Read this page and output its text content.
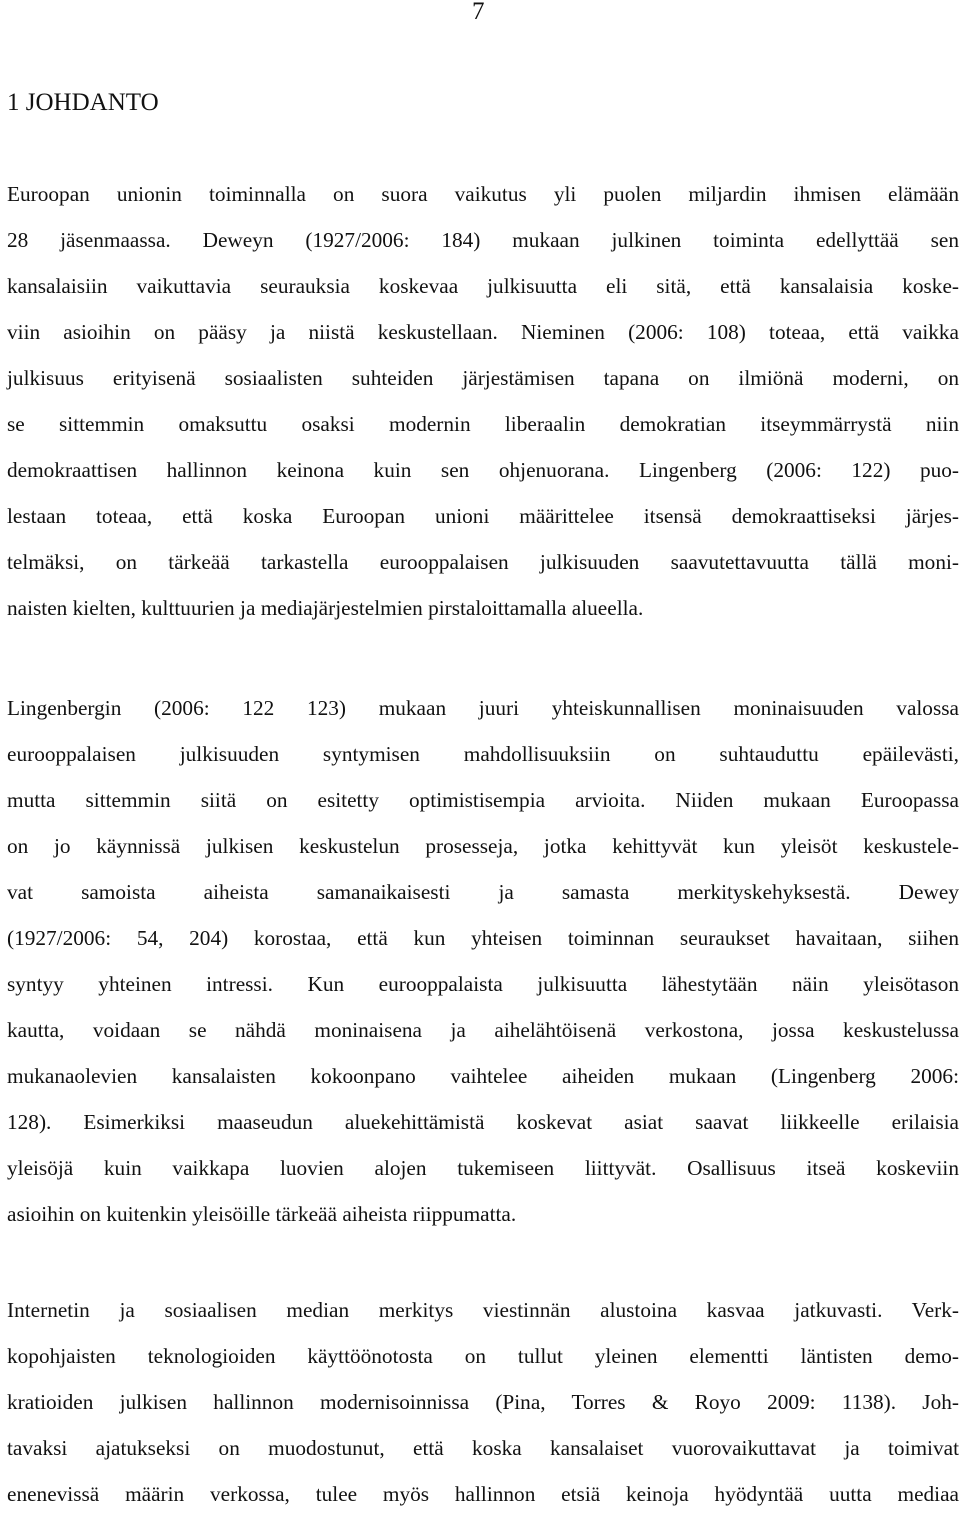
7
1 JOHDANTO
Euroopan unionin toiminnalla on suora vaikutus yli puolen miljardin ihmisen elämään
28 jäsenmaassa. Deweyn (1927/2006: 184) mukaan julkinen toiminta edellyttää sen
kansalaisiin vaikuttavia seurauksia koskevaa julkisuutta eli sitä, että kansalaisia koske-
viin asioihin on pääsy ja niistä keskustellaan. Nieminen (2006: 108) toteaa, että vaikka
julkisuus erityisenä sosiaalisten suhteiden järjestämisen tapana on ilmiönä moderni, on
se sittemmin omaksuttu osaksi modernin liberaalin demokratian itseymmärrystä niin
demokraattisen hallinnon keinona kuin sen ohjenuorana. Lingenberg (2006: 122) puo-
lestaan toteaa, että koska Euroopan unioni määrittelee itsensä demokraattiseksi järjes-
telmäksi, on tärkeää tarkastella eurooppalaisen julkisuuden saavutettavuutta tällä moni-
naisten kielten, kulttuurien ja mediajärjestelmien pirstaloittamalla alueella.
Lingenbergin (2006: 122 123) mukaan juuri yhteiskunnallisen moninaisuuden valossa
eurooppalaisen julkisuuden syntymisen mahdollisuuksiin on suhtauduttu epäilevästi,
mutta sittemmin siitä on esitetty optimistisempia arvioita. Niiden mukaan Euroopassa
on jo käynnissä julkisen keskustelun prosesseja, jotka kehittyvät kun yleisöt keskustele-
vat samoista aiheista samanaikaisesti ja samasta merkityskehyksestä. Dewey
(1927/2006: 54, 204) korostaa, että kun yhteisen toiminnan seuraukset havaitaan, siihen
syntyy yhteinen intressi. Kun eurooppalaista julkisuutta lähestytään näin yleisötason
kautta, voidaan se nähdä moninaisena ja aihelähtöisenä verkostona, jossa keskustelussa
mukanaolevien kansalaisten kokoonpano vaihtelee aiheiden mukaan (Lingenberg 2006:
128). Esimerkiksi maaseudun aluekehittämistä koskevat asiat saavat liikkeelle erilaisia
yleisöjä kuin vaikkapa luovien alojen tukemiseen liittyvät. Osallisuus itseä koskeviin
asioihin on kuitenkin yleisöille tärkeää aiheista riippumatta.
Internetin ja sosiaalisen median merkitys viestinnän alustoina kasvaa jatkuvasti. Verk-
kopohjaisten teknologioiden käyttöönotosta on tullut yleinen elementti läntisten demo-
kratioiden julkisen hallinnon modernisoinnissa (Pina, Torres & Royo 2009: 1138). Joh-
tavaksi ajatukseksi on muodostunut, että koska kansalaiset vuorovaikuttavat ja toimivat
enenevissä määrin verkossa, tulee myös hallinnon etsiä keinoja hyödyntää uutta mediaa
